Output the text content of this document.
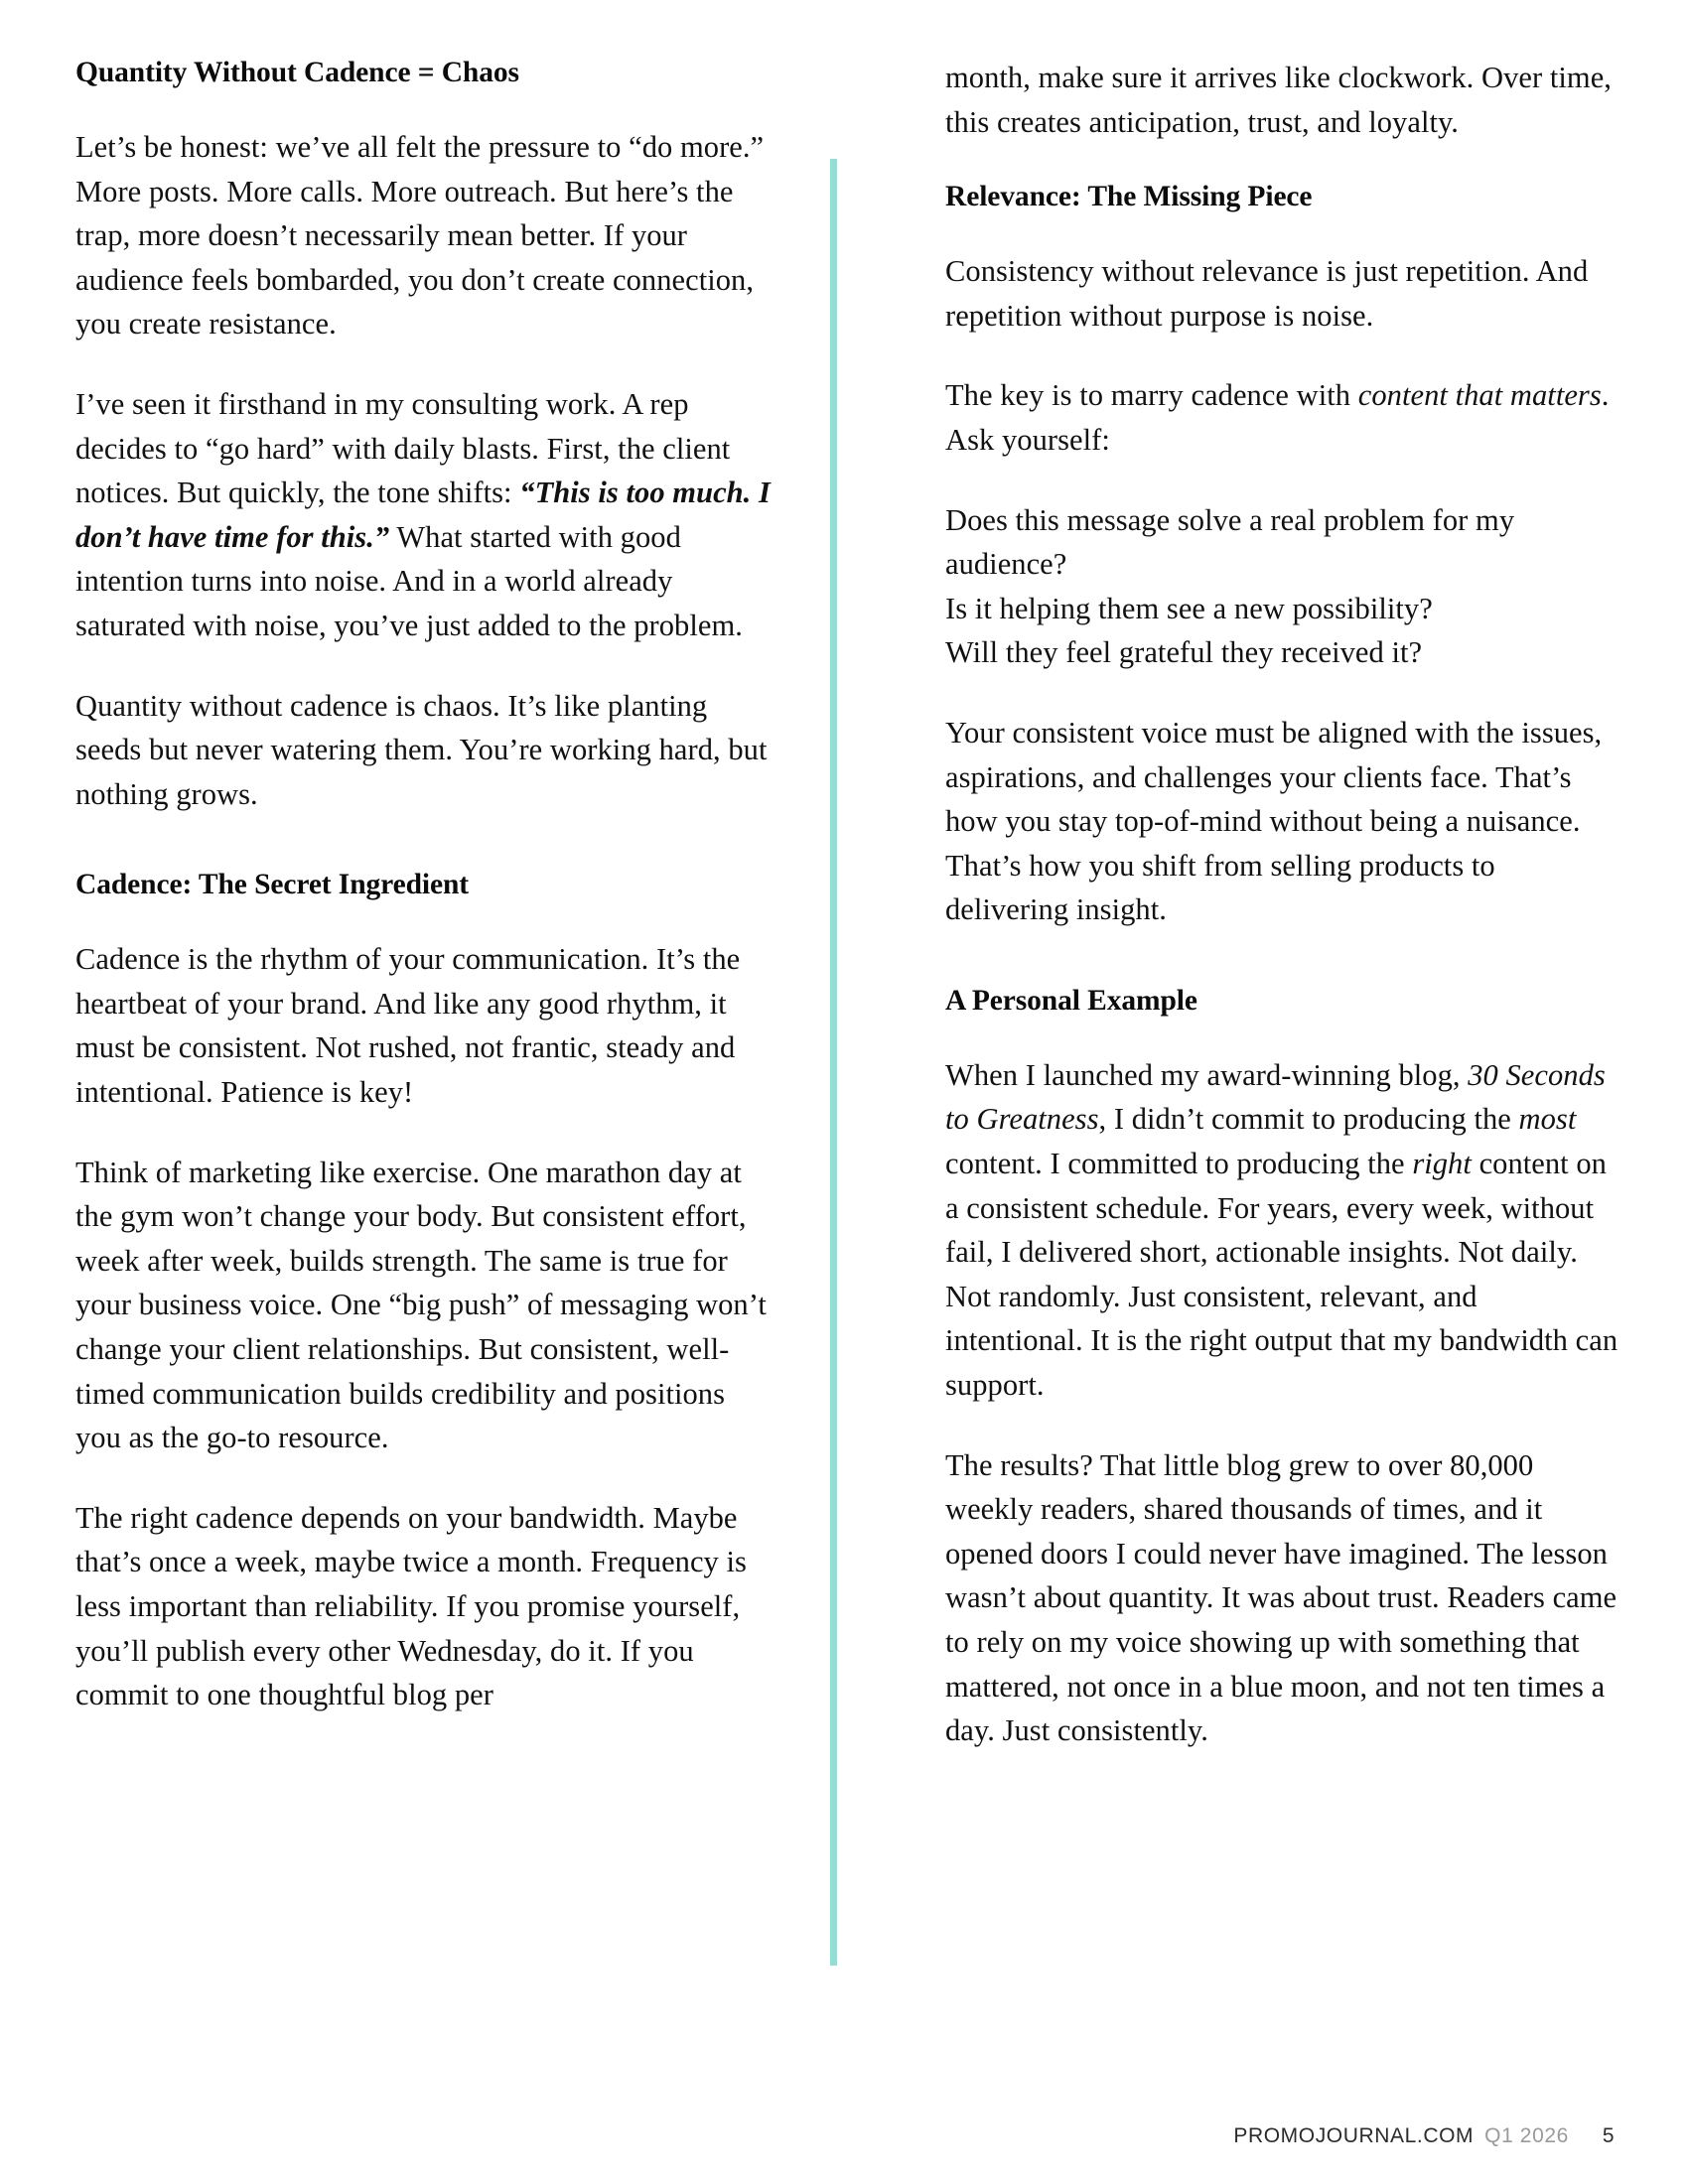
Quantity Without Cadence = Chaos

Let’s be honest: we’ve all felt the pressure to “do more.” More posts. More calls. More outreach. But here’s the trap, more doesn’t necessarily mean better. If your audience feels bombarded, you don’t create connection, you create resistance.

I’ve seen it firsthand in my consulting work. A rep decides to “go hard” with daily blasts. First, the client notices. But quickly, the tone shifts: “This is too much. I don’t have time for this.” What started with good intention turns into noise. And in a world already saturated with noise, you’ve just added to the problem.

Quantity without cadence is chaos. It’s like planting seeds but never watering them. You’re working hard, but nothing grows.

Cadence: The Secret Ingredient

Cadence is the rhythm of your communication. It’s the heartbeat of your brand. And like any good rhythm, it must be consistent. Not rushed, not frantic, steady and intentional. Patience is key!

Think of marketing like exercise. One marathon day at the gym won’t change your body. But consistent effort, week after week, builds strength. The same is true for your business voice. One “big push” of messaging won’t change your client relationships. But consistent, well-timed communication builds credibility and positions you as the go-to resource.

The right cadence depends on your bandwidth. Maybe that’s once a week, maybe twice a month. Frequency is less important than reliability. If you promise yourself, you’ll publish every other Wednesday, do it. If you commit to one thoughtful blog per

month, make sure it arrives like clockwork. Over time, this creates anticipation, trust, and loyalty.

Relevance: The Missing Piece

Consistency without relevance is just repetition. And repetition without purpose is noise.

The key is to marry cadence with content that matters. Ask yourself:

Does this message solve a real problem for my audience?
Is it helping them see a new possibility?
Will they feel grateful they received it?

Your consistent voice must be aligned with the issues, aspirations, and challenges your clients face. That’s how you stay top-of-mind without being a nuisance. That’s how you shift from selling products to delivering insight.

A Personal Example

When I launched my award-winning blog, 30 Seconds to Greatness, I didn’t commit to producing the most content. I committed to producing the right content on a consistent schedule. For years, every week, without fail, I delivered short, actionable insights. Not daily. Not randomly. Just consistent, relevant, and intentional. It is the right output that my bandwidth can support.

The results? That little blog grew to over 80,000 weekly readers, shared thousands of times, and it opened doors I could never have imagined. The lesson wasn’t about quantity. It was about trust. Readers came to rely on my voice showing up with something that mattered, not once in a blue moon, and not ten times a day. Just consistently.

PROMOJOURNAL.COM Q1 2026 5
